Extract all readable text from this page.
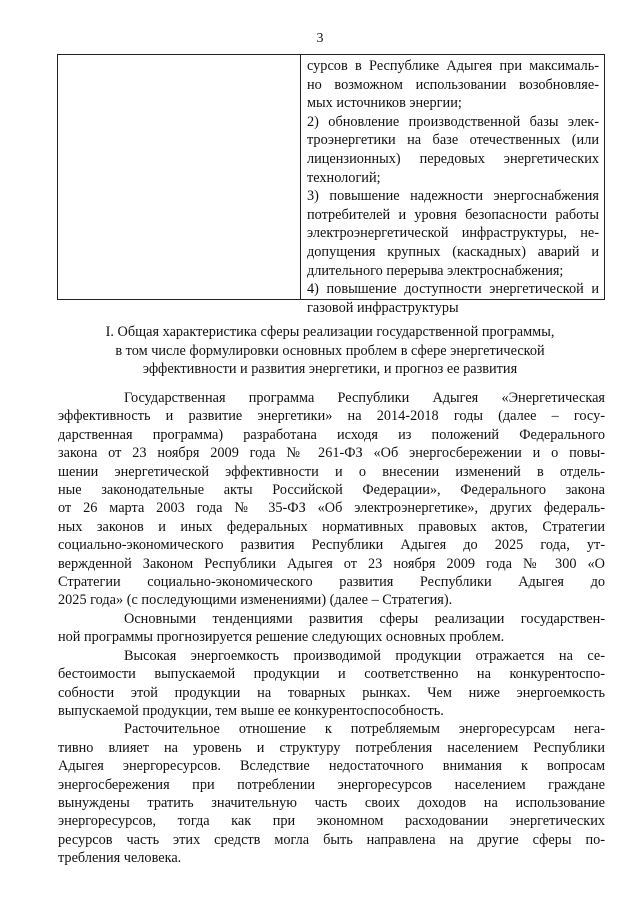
3
сурсов в Республике Адыгея при максималь-
но возможном использовании возобновляе-
мых источников энергии;
2) обновление производственной базы элек-
троэнергетики на базе отечественных (или
лицензионных) передовых энергетических
технологий;
3) повышение надежности энергоснабжения
потребителей и уровня безопасности работы
электроэнергетической инфраструктуры, не-
допущения крупных (каскадных) аварий и
длительного перерыва электроснабжения;
4) повышение доступности энергетической и
газовой инфраструктуры
I. Общая характеристика сферы реализации государственной программы,
в том числе формулировки основных проблем в сфере энергетической
эффективности и развития энергетики, и прогноз ее развития
Государственная программа Республики Адыгея «Энергетическая
эффективность и развитие энергетики» на 2014-2018 годы (далее – госу-
дарственная программа) разработана исходя из положений Федерального
закона от 23 ноября 2009 года № 261-ФЗ «Об энергосбережении и о повы-
шении энергетической эффективности и о внесении изменений в отдель-
ные законодательные акты Российской Федерации», Федерального закона
от 26 марта 2003 года № 35-ФЗ «Об электроэнергетике», других федераль-
ных законов и иных федеральных нормативных правовых актов, Стратегии
социально-экономического развития Республики Адыгея до 2025 года, ут-
вержденной Законом Республики Адыгея от 23 ноября 2009 года № 300 «О
Стратегии социально-экономического развития Республики Адыгея до
2025 года» (с последующими изменениями) (далее – Стратегия).
Основными тенденциями развития сферы реализации государствен-
ной программы прогнозируется решение следующих основных проблем.
Высокая энергоемкость производимой продукции отражается на се-
бестоимости выпускаемой продукции и соответственно на конкурентоспо-
собности этой продукции на товарных рынках. Чем ниже энергоемкость
выпускаемой продукции, тем выше ее конкурентоспособность.
Расточительное отношение к потребляемым энергоресурсам нега-
тивно влияет на уровень и структуру потребления населением Республики
Адыгея энергоресурсов. Вследствие недостаточного внимания к вопросам
энергосбережения при потреблении энергоресурсов населением граждане
вынуждены тратить значительную часть своих доходов на использование
энергоресурсов, тогда как при экономном расходовании энергетических
ресурсов часть этих средств могла быть направлена на другие сферы по-
требления человека.
